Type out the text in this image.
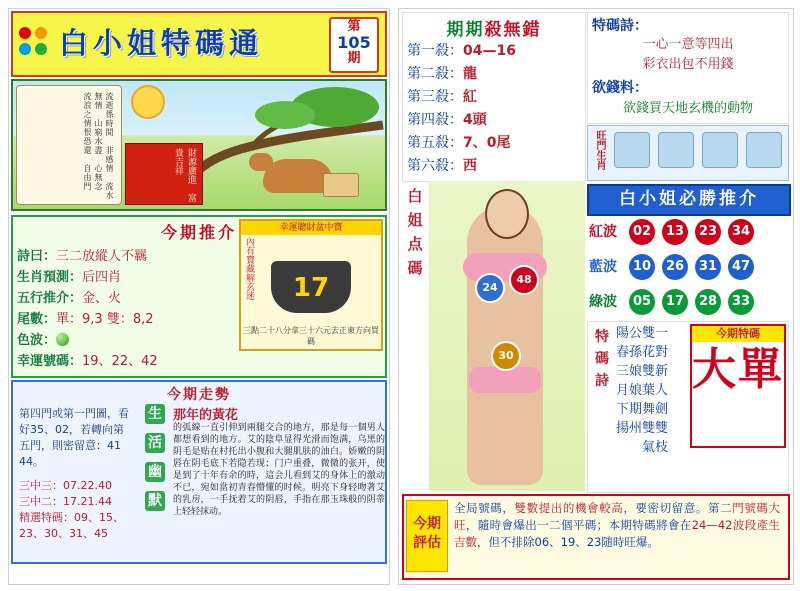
白小姐特碼通	第
105
期
流逝係時間　非感情　流水無情　山窮水盡　心無念　流浪之情恨恐還　自由門	財源廣進　富貴吉祥
今期推介
詩曰：三二放縱人不羈
生肖預測：后四肖
五行推介：金、火
尾數：單：9,3 雙：8,2
色波：
幸運號碼：19、22、42
幸運聰財盆中寶
內有寶藏解玄迷	17
三點二十八分拿三十六元去正東方向買碼
今期走勢
第四門或第一門圖，看
好35、02，若轉向第
五門，則密留意：41
44。
三中三：07.22.40
三中二：17.21.44
精選特碼：09、15、
23、30、31、45
生
活
幽
默
那年的黃花
的弧線一直引伸到兩腿交合的地方，那是每一個男人都想看到的地方。艾的陰阜显得光滑而饱满，乌黑的阴毛是贴在村托出小腹和大腿肌肤的油白。娇嫩的阴唇在阴毛底下若隐若现；门户重叠，微微的张开，使是到了十年有余的時，這会儿看到艾的身体上的激动不已，宛如當初青春懵懂的时候。明亮下身轻吻著艾的乳房，一手抚着艾的阴唇，手指在那玉珠般的阴蒂上轻轻抹动。
期期殺無錯
第一殺：04—16
第二殺：龍
第三殺：紅
第四殺：4頭
第五殺：7、0尾
第六殺：西
特碼詩：
一心一意等四出
彩衣出包不用錢
欲錢料：
欲錢買天地玄機的動物
旺門生肖
白姐点碼
24
48
30
白小姐必勝推介
紅波	02	13	23	34
藍波	10	26	31	47
綠波	05	17	28	33
特碼詩
陽公雙一
春孫花對
三娘雙新
月娘葉人
下期舞劍
揚州雙雙
　　氣枝
今期特碼
大單
今期評估
全局號碼，雙數提出的機會較高，要密切留意。第二門號碼大旺，隨時會爆出一二個平碼；本期特碼將會在24—42波段產生吉數，但不排除06、19、23随時旺爆。
